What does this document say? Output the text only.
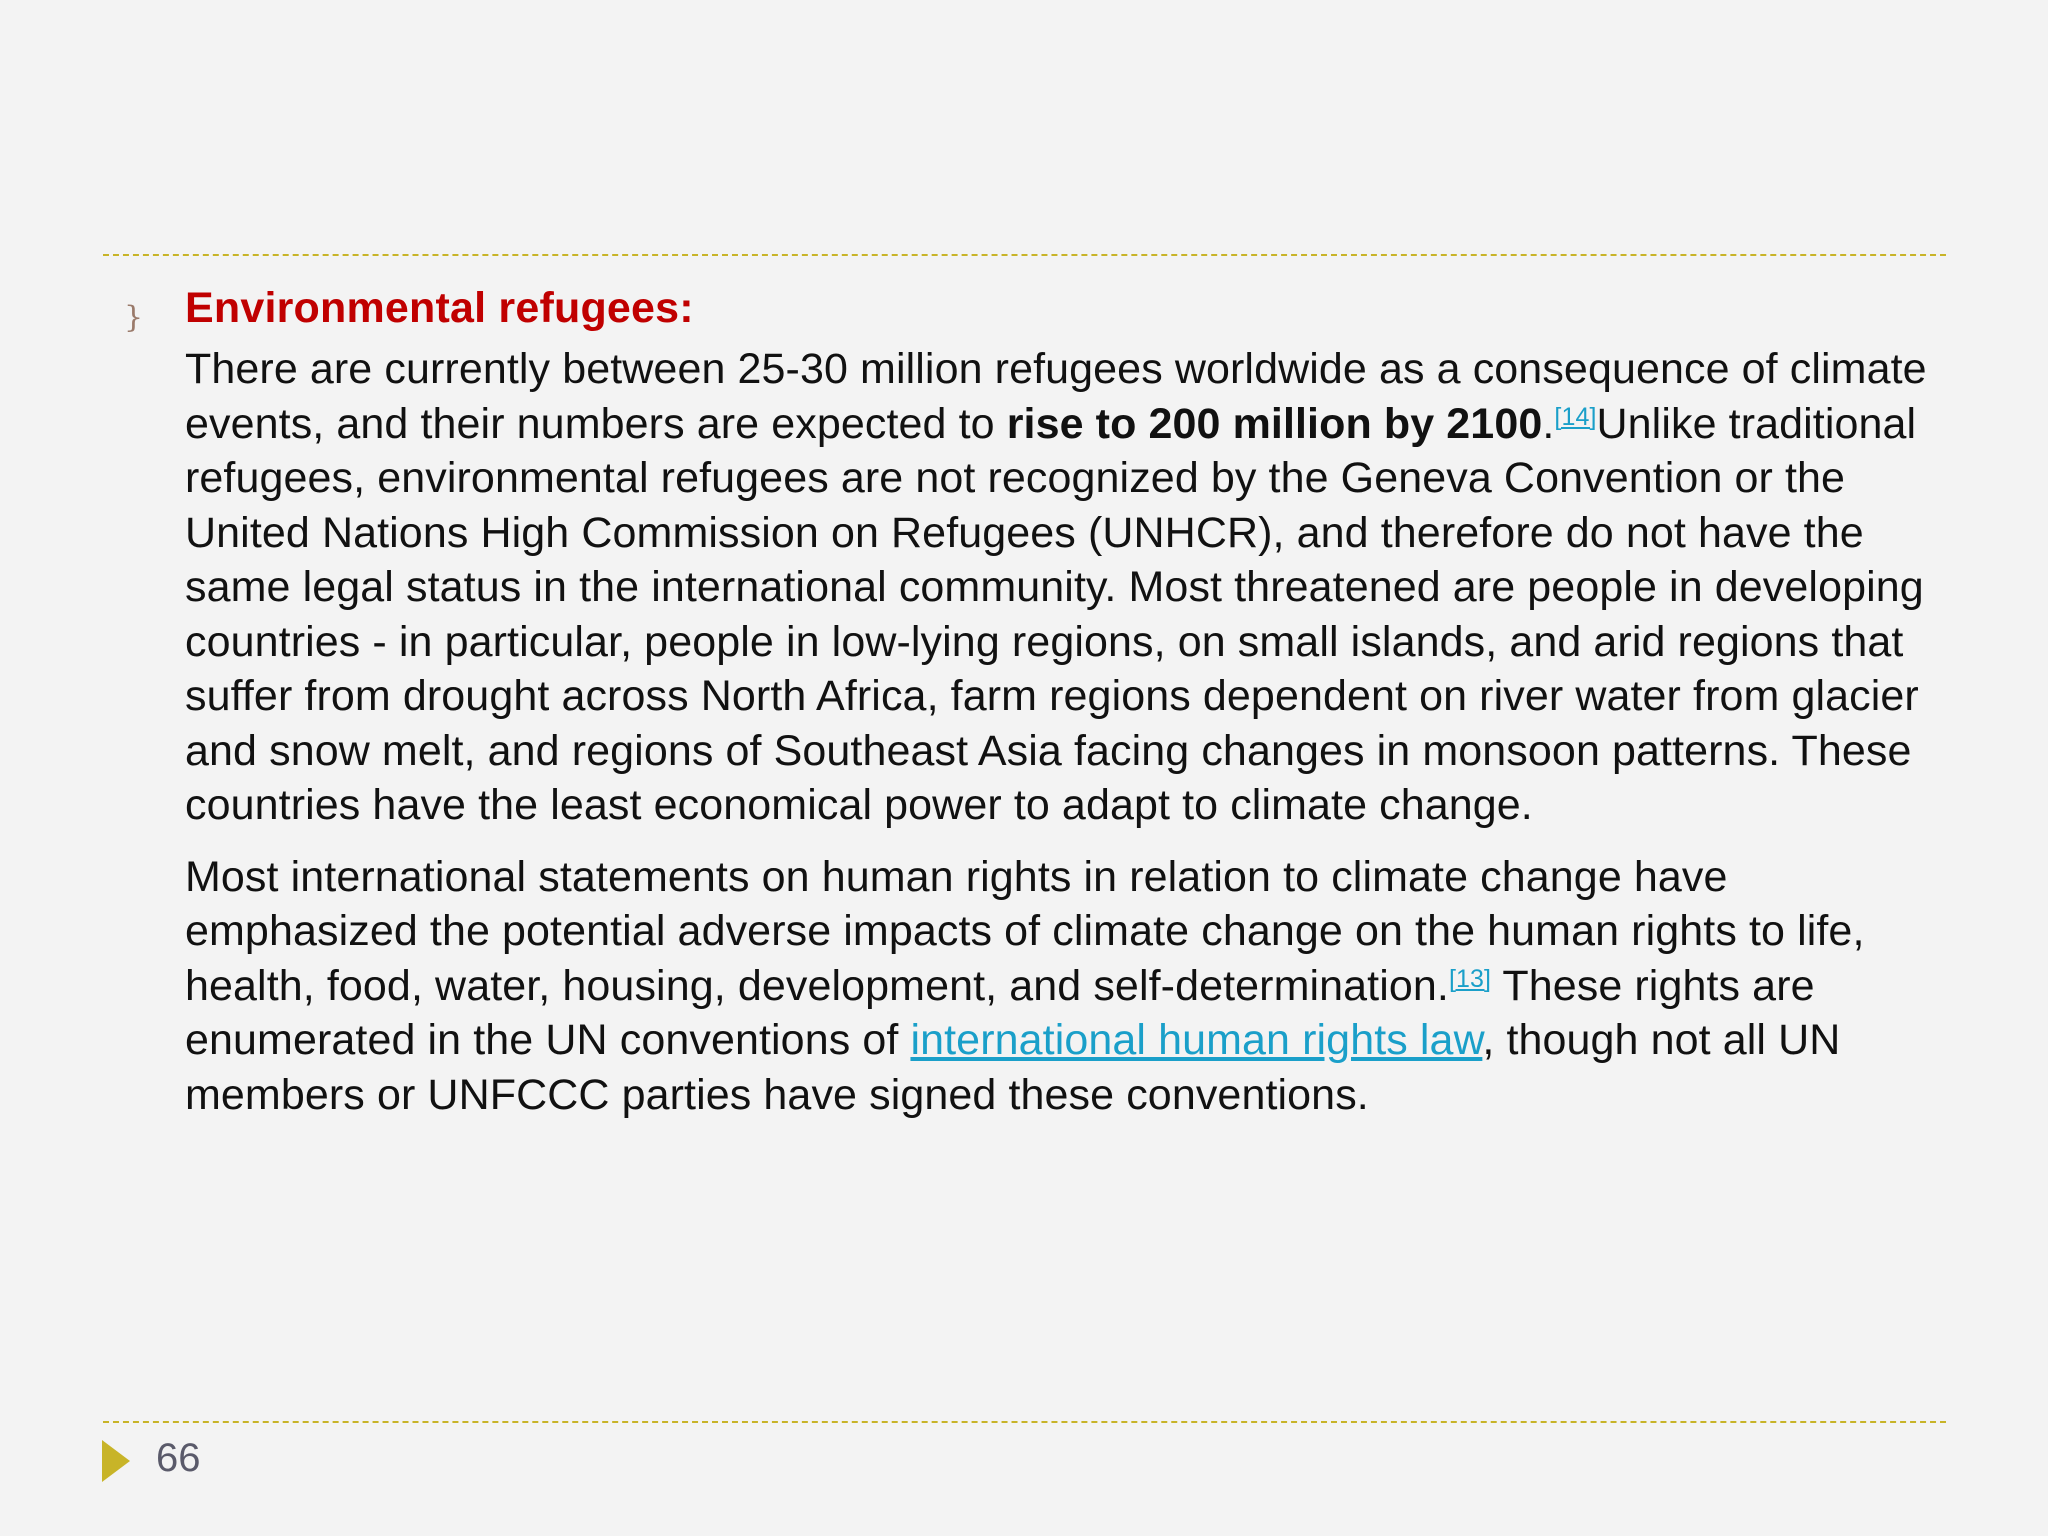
} Environmental refugees:

There are currently between 25-30 million refugees worldwide as a consequence of climate events, and their numbers are expected to rise to 200 million by 2100.[14]Unlike traditional refugees, environmental refugees are not recognized by the Geneva Convention or the United Nations High Commission on Refugees (UNHCR), and therefore do not have the same legal status in the international community. Most threatened are people in developing countries - in particular, people in low-lying regions, on small islands, and arid regions that suffer from drought across North Africa, farm regions dependent on river water from glacier and snow melt, and regions of Southeast Asia facing changes in monsoon patterns. These countries have the least economical power to adapt to climate change.

Most international statements on human rights in relation to climate change have emphasized the potential adverse impacts of climate change on the human rights to life, health, food, water, housing, development, and self-determination.[13] These rights are enumerated in the UN conventions of international human rights law, though not all UN members or UNFCCC parties have signed these conventions.

66
